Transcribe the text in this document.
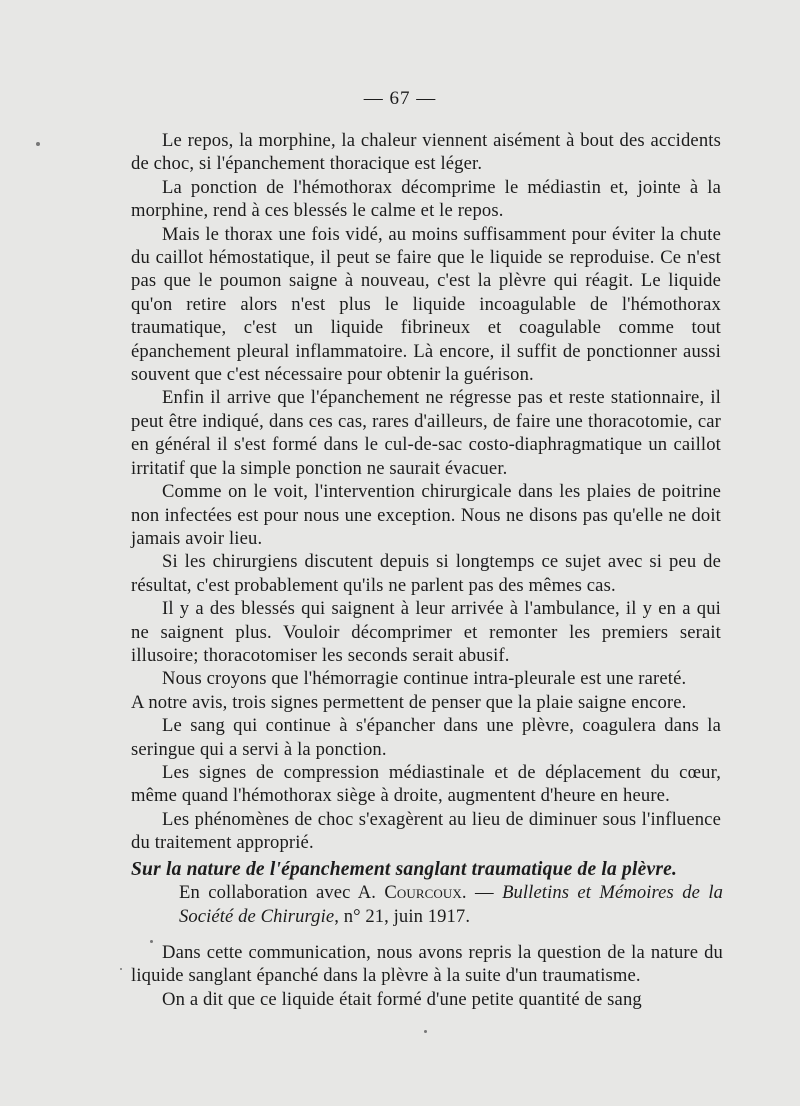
— 67 —

Le repos, la morphine, la chaleur viennent aisément à bout des accidents de choc, si l'épanchement thoracique est léger.

La ponction de l'hémothorax décomprime le médiastin et, jointe à la morphine, rend à ces blessés le calme et le repos.

Mais le thorax une fois vidé, au moins suffisamment pour éviter la chute du caillot hémostatique, il peut se faire que le liquide se reproduise. Ce n'est pas que le poumon saigne à nouveau, c'est la plèvre qui réagit. Le liquide qu'on retire alors n'est plus le liquide incoagulable de l'hémothorax traumatique, c'est un liquide fibrineux et coagulable comme tout épanchement pleural inflammatoire. Là encore, il suffit de ponctionner aussi souvent que c'est nécessaire pour obtenir la guérison.

Enfin il arrive que l'épanchement ne régresse pas et reste stationnaire, il peut être indiqué, dans ces cas, rares d'ailleurs, de faire une thoracotomie, car en général il s'est formé dans le cul-de-sac costo-diaphragmatique un caillot irritatif que la simple ponction ne saurait évacuer.

Comme on le voit, l'intervention chirurgicale dans les plaies de poitrine non infectées est pour nous une exception. Nous ne disons pas qu'elle ne doit jamais avoir lieu.

Si les chirurgiens discutent depuis si longtemps ce sujet avec si peu de résultat, c'est probablement qu'ils ne parlent pas des mêmes cas.

Il y a des blessés qui saignent à leur arrivée à l'ambulance, il y en a qui ne saignent plus. Vouloir décomprimer et remonter les premiers serait illusoire; thoracotomiser les seconds serait abusif.

Nous croyons que l'hémorragie continue intra-pleurale est une rareté.

A notre avis, trois signes permettent de penser que la plaie saigne encore.

Le sang qui continue à s'épancher dans une plèvre, coagulera dans la seringue qui a servi à la ponction.

Les signes de compression médiastinale et de déplacement du cœur, même quand l'hémothorax siège à droite, augmentent d'heure en heure.

Les phénomènes de choc s'exagèrent au lieu de diminuer sous l'influence du traitement approprié.

Sur la nature de l'épanchement sanglant traumatique de la plèvre.

En collaboration avec A. Courcoux. — Bulletins et Mémoires de la Société de Chirurgie, n° 21, juin 1917.

Dans cette communication, nous avons repris la question de la nature du liquide sanglant épanché dans la plèvre à la suite d'un traumatisme.

On a dit que ce liquide était formé d'une petite quantité de sang
